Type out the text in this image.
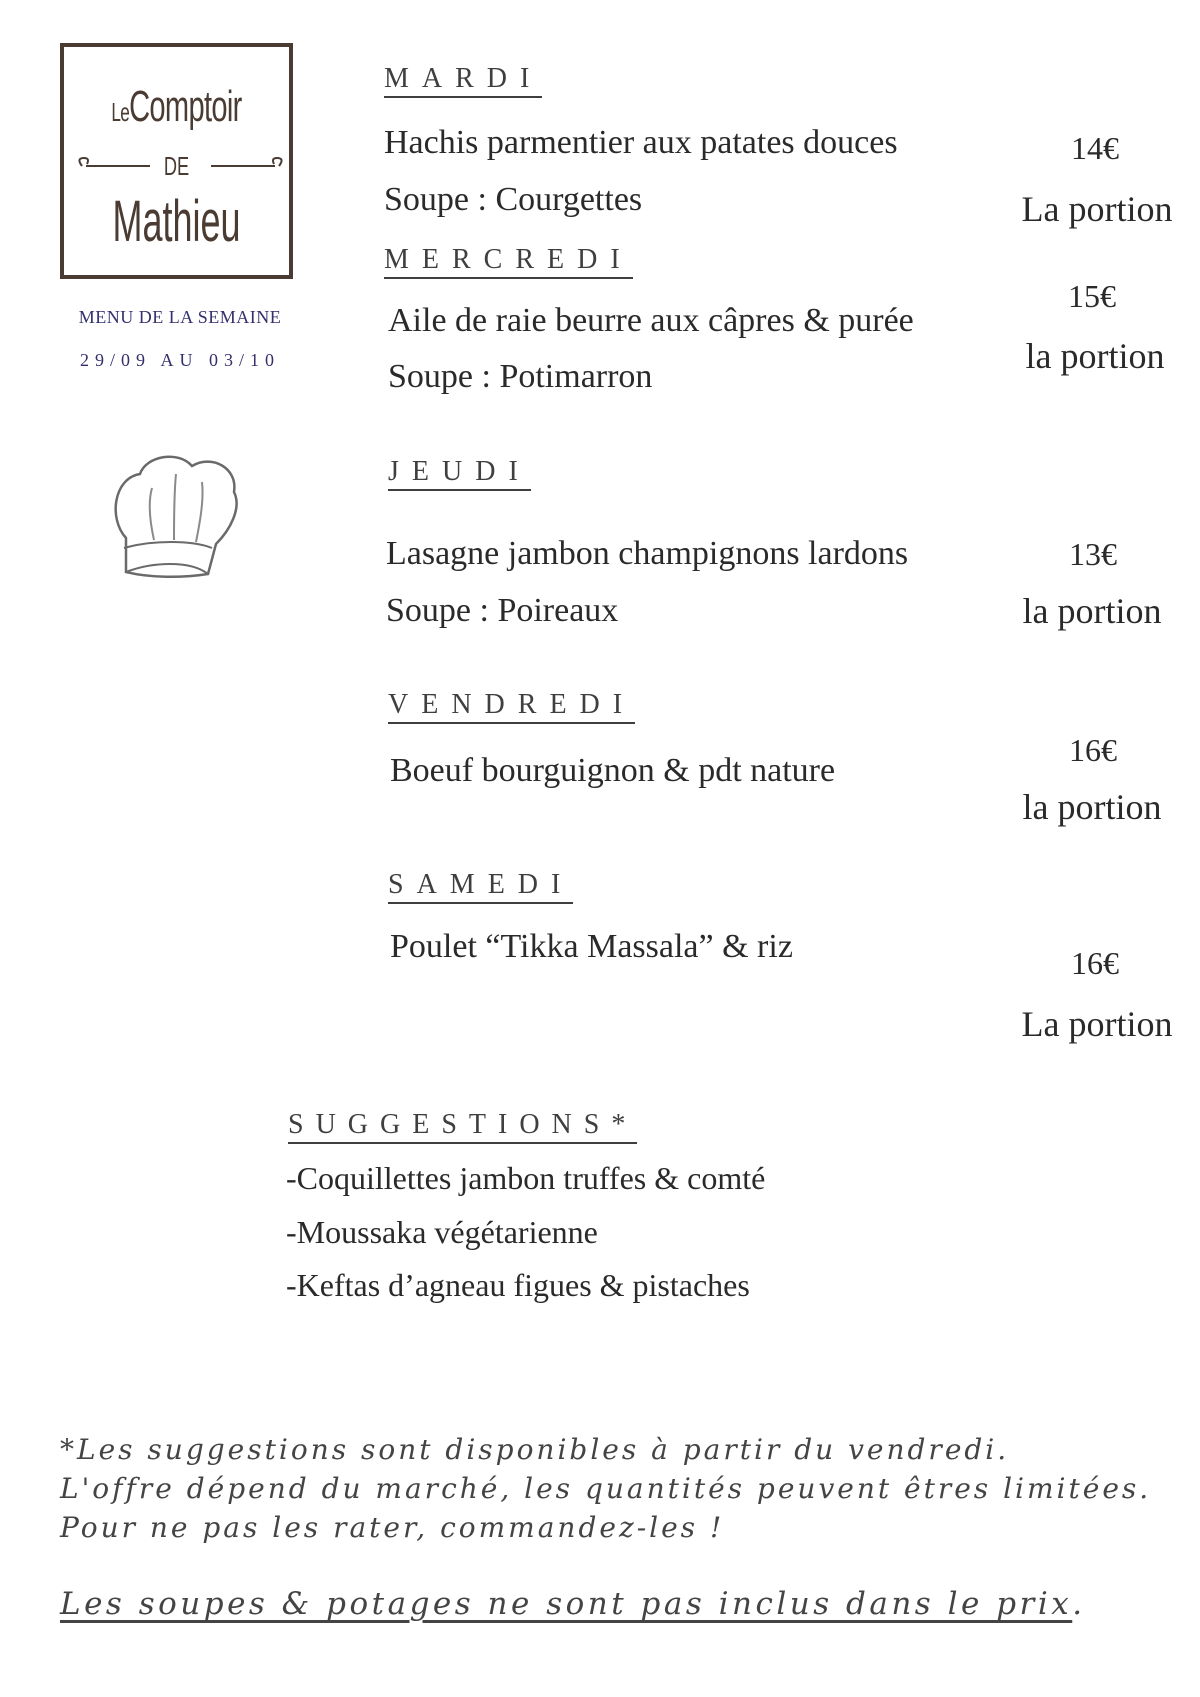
LeComptoir
DE
Mathieu
MENU DE LA SEMAINE
29/09 AU 03/10
MARDI
Hachis parmentier aux patates douces
Soupe : Courgettes
14€
La portion
MERCREDI
Aile de raie beurre aux câpres & purée
Soupe : Potimarron
15€
la portion
JEUDI
Lasagne jambon champignons lardons
Soupe : Poireaux
13€
la portion
VENDREDI
Boeuf bourguignon & pdt nature
16€
la portion
SAMEDI
Poulet “Tikka Massala” & riz	16€
La portion
SUGGESTIONS*
-Coquillettes jambon truffes & comté
-Moussaka végétarienne
-Keftas d’agneau figues & pistaches
*Les suggestions sont disponibles à partir du vendredi.
L'offre dépend du marché, les quantités peuvent êtres limitées.
Pour ne pas les rater, commandez-les !
Les soupes & potages ne sont pas inclus dans le prix.
